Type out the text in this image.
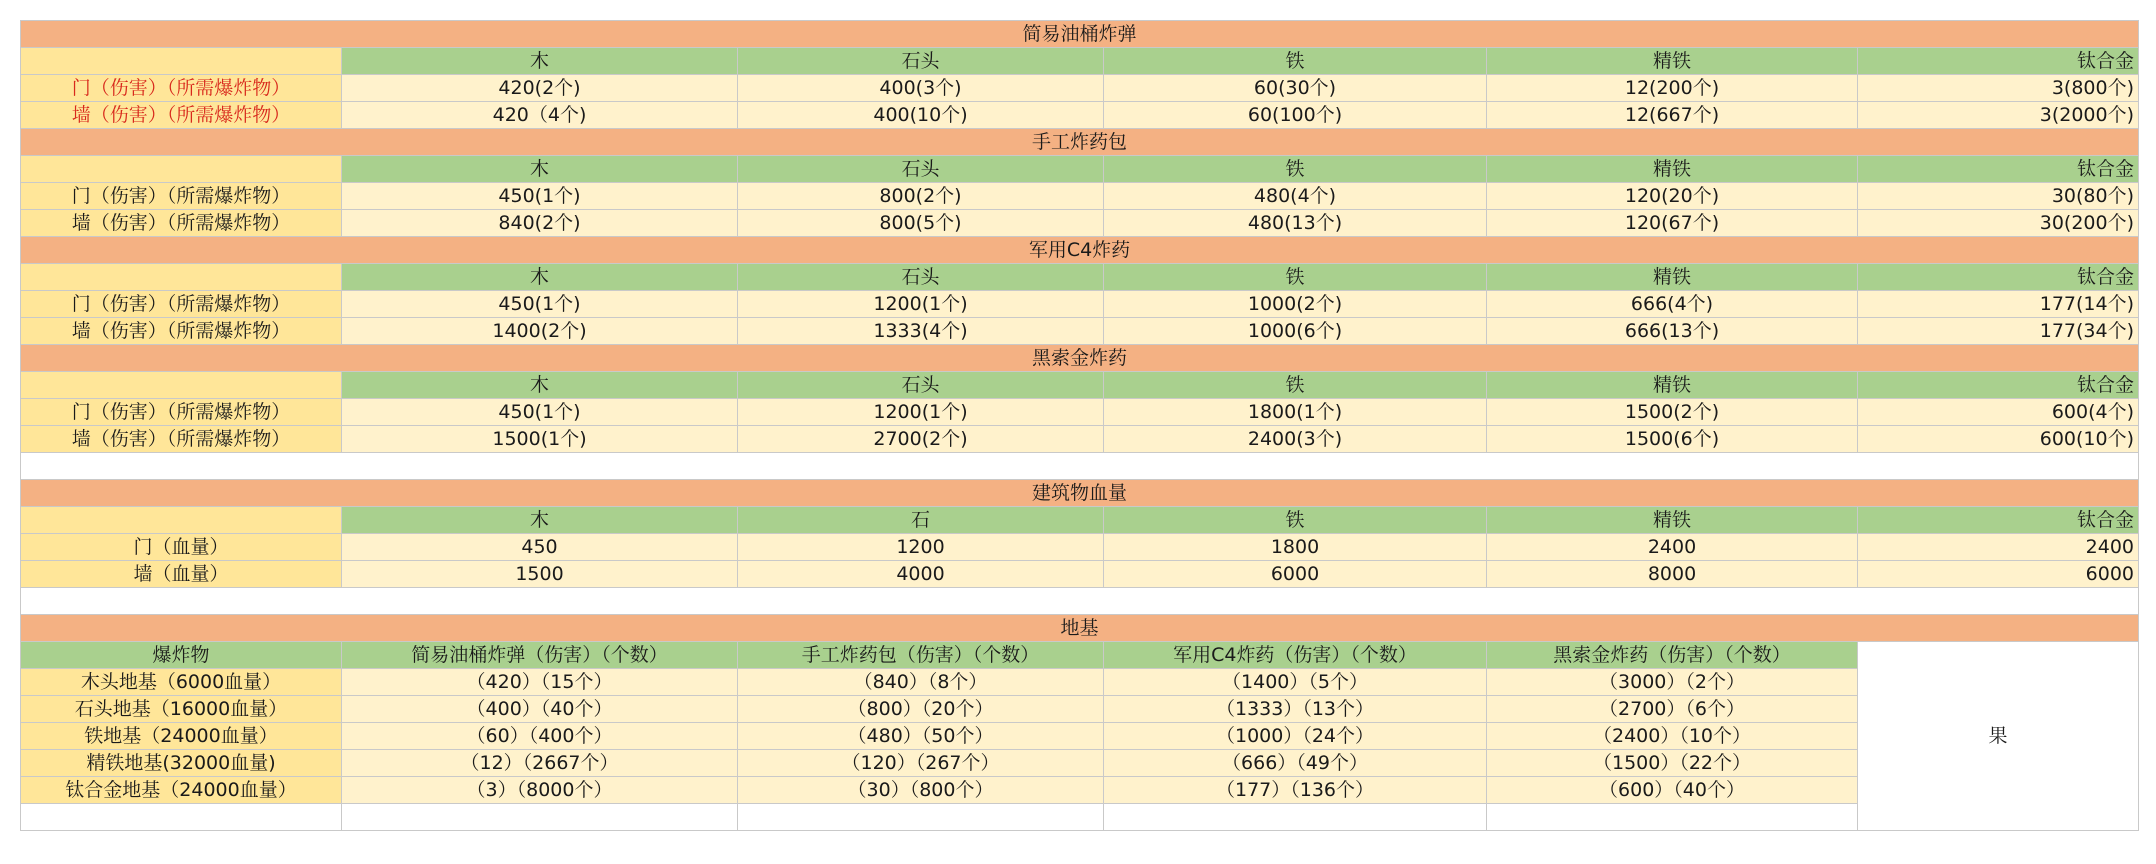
简易油桶炸弹					
	木	石头	铁	精铁	钛合金
门（伤害）（所需爆炸物）	420(2个)	400(3个)	60(30个)	12(200个)	3(800个)
墙（伤害）（所需爆炸物）	420（4个)	400(10个)	60(100个)	12(667个)	3(2000个)
手工炸药包					
	木	石头	铁	精铁	钛合金
门（伤害）（所需爆炸物）	450(1个)	800(2个)	480(4个)	120(20个)	30(80个)
墙（伤害）（所需爆炸物）	840(2个)	800(5个)	480(13个)	120(67个)	30(200个)
军用C4炸药					
	木	石头	铁	精铁	钛合金
门（伤害）（所需爆炸物）	450(1个)	1200(1个)	1000(2个)	666(4个)	177(14个)
墙（伤害）（所需爆炸物）	1400(2个)	1333(4个)	1000(6个)	666(13个)	177(34个)
黑索金炸药					
	木	石头	铁	精铁	钛合金
门（伤害）（所需爆炸物）	450(1个)	1200(1个)	1800(1个)	1500(2个)	600(4个)
墙（伤害）（所需爆炸物）	1500(1个)	2700(2个)	2400(3个)	1500(6个)	600(10个)

建筑物血量					
	木	石	铁	精铁	钛合金
门（血量）	450	1200	1800	2400	2400
墙（血量）	1500	4000	6000	8000	6000

地基					
爆炸物	简易油桶炸弹（伤害）（个数）	手工炸药包（伤害）（个数）	军用C4炸药（伤害）（个数）	黑索金炸药（伤害）（个数）	果
木头地基（6000血量）	（420）（15个）	（840）（8个）	（1400）（5个）	（3000）（2个）	
石头地基（16000血量）	（400）（40个）	（800）（20个）	（1333）（13个）	（2700）（6个）	
铁地基（24000血量）	（60）（400个）	（480）（50个）	（1000）（24个）	（2400）（10个）	
精铁地基(32000血量)	（12）（2667个）	（120）（267个）	（666）（49个）	（1500）（22个）	
钛合金地基（24000血量）	（3）（8000个）	（30）（800个）	（177）（136个）	（600）（40个）	
